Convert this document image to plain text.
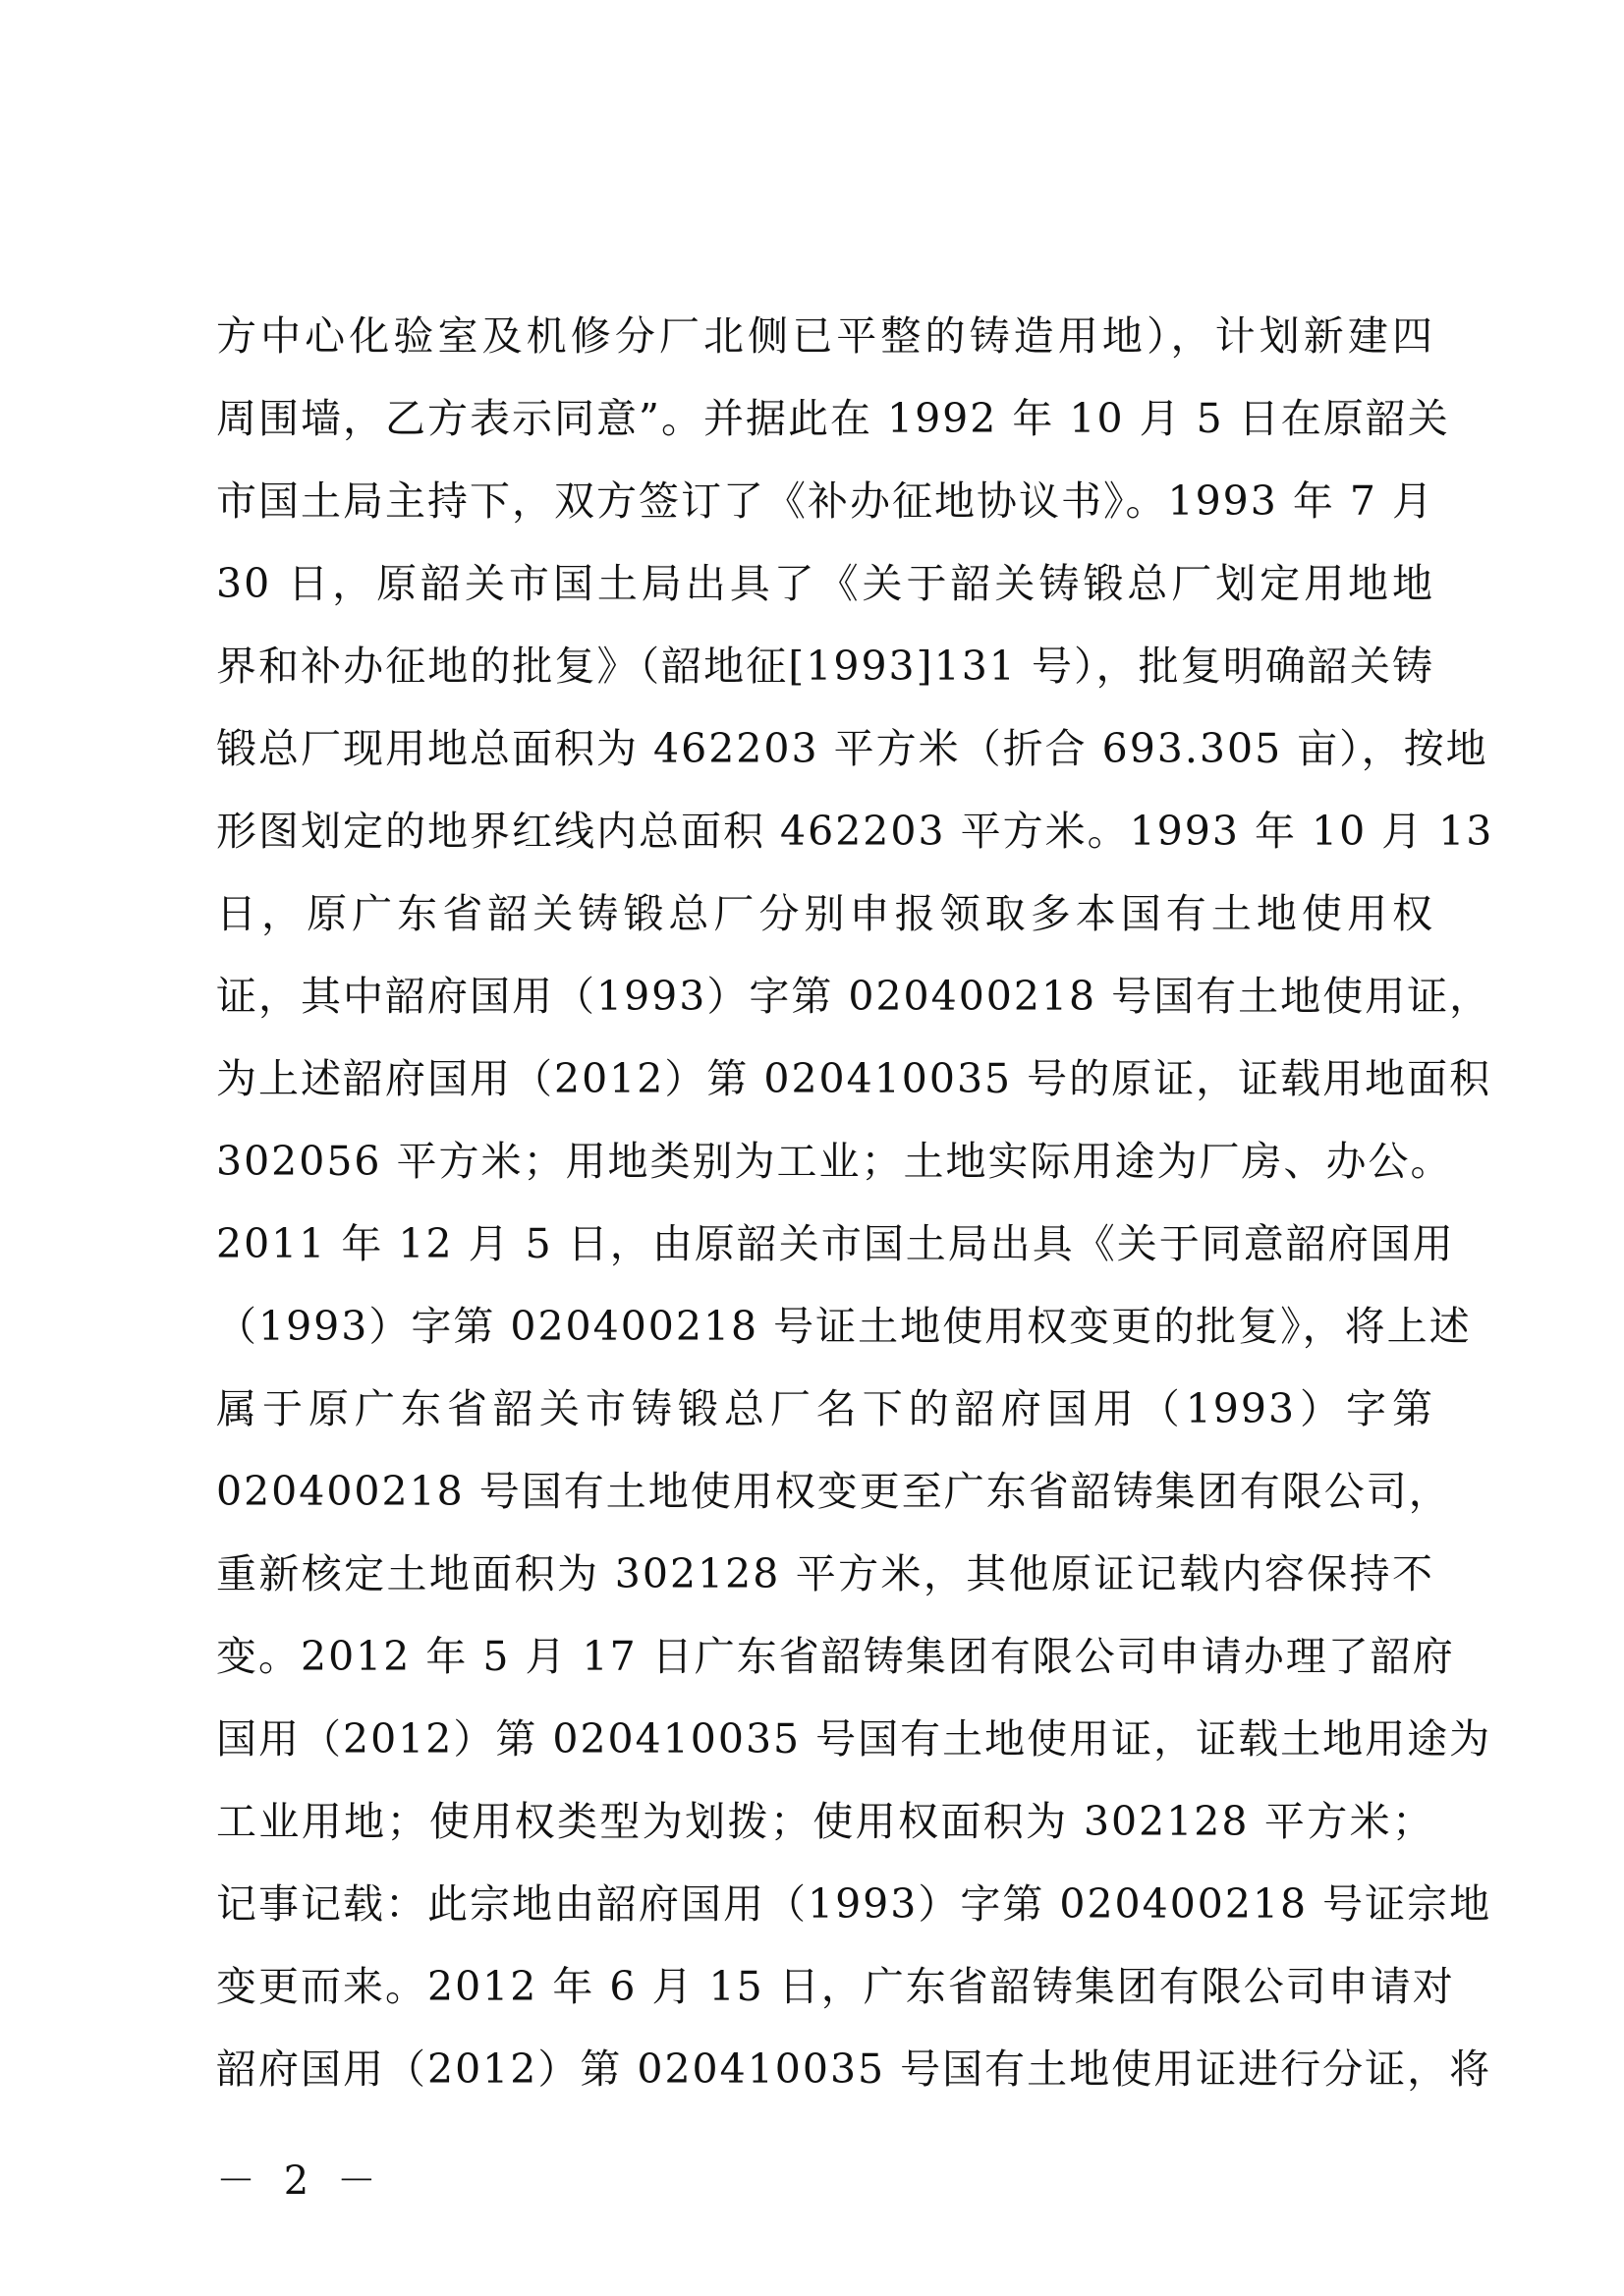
方中心化验室及机修分厂北侧已平整的铸造用地），计划新建四
周围墙，乙方表示同意”。并据此在 1992 年 10 月 5 日在原韶关
市国土局主持下，双方签订了《补办征地协议书》。1993 年 7 月
30 日，原韶关市国土局出具了《关于韶关铸锻总厂划定用地地
界和补办征地的批复》（韶地征[1993]131 号），批复明确韶关铸
锻总厂现用地总面积为 462203 平方米（折合 693.305 亩），按地
形图划定的地界红线内总面积 462203 平方米。1993 年 10 月 13
日，原广东省韶关铸锻总厂分别申报领取多本国有土地使用权
证，其中韶府国用（1993）字第 020400218 号国有土地使用证，
为上述韶府国用（2012）第 020410035 号的原证，证载用地面积
302056 平方米；用地类别为工业；土地实际用途为厂房、办公。
2011 年 12 月 5 日，由原韶关市国土局出具《关于同意韶府国用
（1993）字第 020400218 号证土地使用权变更的批复》，将上述
属于原广东省韶关市铸锻总厂名下的韶府国用（1993）字第
020400218 号国有土地使用权变更至广东省韶铸集团有限公司，
重新核定土地面积为 302128 平方米，其他原证记载内容保持不
变。2012 年 5 月 17 日广东省韶铸集团有限公司申请办理了韶府
国用（2012）第 020410035 号国有土地使用证，证载土地用途为
工业用地；使用权类型为划拨；使用权面积为 302128 平方米；
记事记载：此宗地由韶府国用（1993）字第 020400218 号证宗地
变更而来。2012 年 6 月 15 日，广东省韶铸集团有限公司申请对
韶府国用（2012）第 020410035 号国有土地使用证进行分证，将
－ 2 －
